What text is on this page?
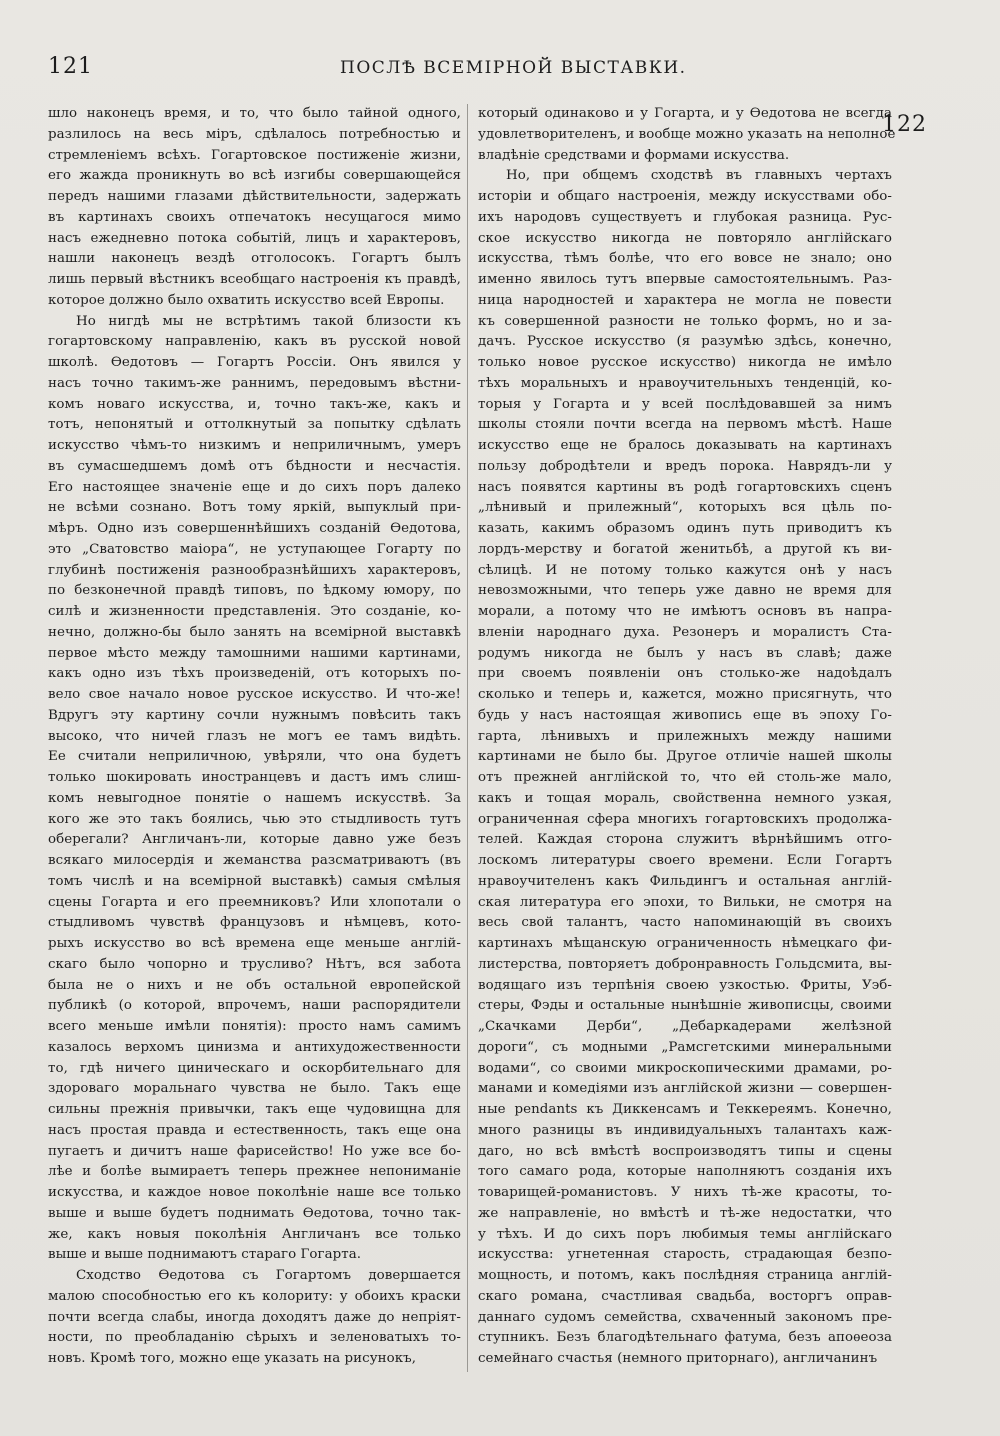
121	ПОСЛѢ ВСЕМІРНОЙ ВЫСТАВКИ.
122

шло наконецъ время, и то, что было тайной одного,
разлилось на весь міръ, сдѣлалось потребностью и
стремленіемъ всѣхъ. Гогартовское постиженіе жизни,
его жажда проникнуть во всѣ изгибы совершающейся
передъ нашими глазами дѣйствительности, задержать
въ картинахъ своихъ отпечатокъ несущагося мимо
насъ ежедневно потока событій, лицъ и характеровъ,
нашли наконецъ вездѣ отголосокъ. Гогартъ былъ
лишь первый вѣстникъ всеобщаго настроенія къ правдѣ,
которое должно было охватить искусство всей Европы.

Но нигдѣ мы не встрѣтимъ такой близости къ
гогартовскому направленію, какъ въ русской новой
школѣ. Ѳедотовъ — Гогартъ Россіи. Онъ явился у
насъ точно такимъ-же раннимъ, передовымъ вѣстни-
комъ новаго искусства, и, точно такъ-же, какъ и
тотъ, непонятый и оттолкнутый за попытку сдѣлать
искусство чѣмъ-то низкимъ и неприличнымъ, умеръ
въ сумасшедшемъ домѣ отъ бѣдности и несчастія.
Его настоящее значеніе еще и до сихъ поръ далеко
не всѣми сознано. Вотъ тому яркій, выпуклый при-
мѣръ. Одно изъ совершеннѣйшихъ созданій Ѳедотова,
это „Сватовство маіора“, не уступающее Гогарту по
глубинѣ постиженія разнообразнѣйшихъ характеровъ,
по безконечной правдѣ типовъ, по ѣдкому юмору, по
силѣ и жизненности представленія. Это созданіе, ко-
нечно, должно-бы было занять на всемірной выставкѣ
первое мѣсто между тамошними нашими картинами,
какъ одно изъ тѣхъ произведеній, отъ которыхъ по-
вело свое начало новое русское искусство. И что-же!
Вдругъ эту картину сочли нужнымъ повѣсить такъ
высоко, что ничей глазъ не могъ ее тамъ видѣть.
Ее считали неприличною, увѣряли, что она будетъ
только шокировать иностранцевъ и дастъ имъ слиш-
комъ невыгодное понятіе о нашемъ искусствѣ. За
кого же это такъ боялись, чью это стыдливость тутъ
оберегали? Англичанъ-ли, которые давно уже безъ
всякаго милосердія и жеманства разсматриваютъ (въ
томъ числѣ и на всемірной выставкѣ) самыя смѣлыя
сцены Гогарта и его преемниковъ? Или хлопотали о
стыдливомъ чувствѣ французовъ и нѣмцевъ, кото-
рыхъ искусство во всѣ времена еще меньше англій-
скаго было чопорно и трусливо? Нѣтъ, вся забота
была не о нихъ и не объ остальной европейской
публикѣ (о которой, впрочемъ, наши распорядители
всего меньше имѣли понятія): просто намъ самимъ
казалось верхомъ цинизма и антихудожественности
то, гдѣ ничего циническаго и оскорбительнаго для
здороваго моральнаго чувства не было. Такъ еще
сильны прежнія привычки, такъ еще чудовищна для
насъ простая правда и естественность, такъ еще она
пугаетъ и дичитъ наше фарисейство! Но уже все бо-
лѣе и болѣе вымираетъ теперь прежнее непониманіе
искусства, и каждое новое поколѣніе наше все только
выше и выше будетъ поднимать Ѳедотова, точно так-
же, какъ новыя поколѣнія Англичанъ все только
выше и выше поднимаютъ стараго Гогарта.

Сходство Ѳедотова съ Гогартомъ довершается
малою способностью его къ колориту: у обоихъ краски
почти всегда слабы, иногда доходятъ даже до непріят-
ности, по преобладанію сѣрыхъ и зеленоватыхъ то-
новъ. Кромѣ того, можно еще указать на рисунокъ,

который одинаково и у Гогарта, и у Ѳедотова не всегда
удовлетворителенъ, и вообще можно указать на неполное
владѣніе средствами и формами искусства.

Но, при общемъ сходствѣ въ главныхъ чертахъ
исторіи и общаго настроенія, между искусствами обо-
ихъ народовъ существуетъ и глубокая разница. Рус-
ское искусство никогда не повторяло англійскаго
искусства, тѣмъ болѣе, что его вовсе не знало; оно
именно явилось тутъ впервые самостоятельнымъ. Раз-
ница народностей и характера не могла не повести
къ совершенной разности не только формъ, но и за-
дачъ. Русское искусство (я разумѣю здѣсь, конечно,
только новое русское искусство) никогда не имѣло
тѣхъ моральныхъ и нравоучительныхъ тенденцій, ко-
торыя у Гогарта и у всей послѣдовавшей за нимъ
школы стояли почти всегда на первомъ мѣстѣ. Наше
искусство еще не бралось доказывать на картинахъ
пользу добродѣтели и вредъ порока. Наврядъ-ли у
насъ появятся картины въ родѣ гогартовскихъ сценъ
„лѣнивый и прилежный“, которыхъ вся цѣль по-
казать, какимъ образомъ одинъ путь приводитъ къ
лордъ-мерству и богатой женитьбѣ, а другой къ ви-
сѣлицѣ. И не потому только кажутся онѣ у насъ
невозможными, что теперь уже давно не время для
морали, а потому что не имѣютъ основъ въ напра-
вленіи народнаго духа. Резонеръ и моралистъ Ста-
родумъ никогда не былъ у насъ въ славѣ; даже
при своемъ появленіи онъ столько-же надоѣдалъ
сколько и теперь и, кажется, можно присягнуть, что
будь у насъ настоящая живопись еще въ эпоху Го-
гарта, лѣнивыхъ и прилежныхъ между нашими
картинами не было бы. Другое отличіе нашей школы
отъ прежней англійской то, что ей столь-же мало,
какъ и тощая мораль, свойственна немного узкая,
ограниченная сфера многихъ гогартовскихъ продолжа-
телей. Каждая сторона служитъ вѣрнѣйшимъ отго-
лоскомъ литературы своего времени. Если Гогартъ
нравоучителенъ какъ Фильдингъ и остальная англій-
ская литература его эпохи, то Вильки, не смотря на
весь свой талантъ, часто напоминающій въ своихъ
картинахъ мѣщанскую ограниченность нѣмецкаго фи-
листерства, повторяетъ добронравность Гольдсмита, вы-
водящаго изъ терпѣнія своею узкостью. Фриты, Уэб-
стеры, Фэды и остальные нынѣшніе живописцы, своими
„Скачками Дерби“, „Дебаркадерами желѣзной
дороги“, съ модными „Рамсгетскими минеральными
водами“, со своими микроскопическими драмами, ро-
манами и комедіями изъ англійской жизни — совершен-
ные pendants къ Диккенсамъ и Теккереямъ. Конечно,
много разницы въ индивидуальныхъ талантахъ каж-
даго, но всѣ вмѣстѣ воспроизводятъ типы и сцены
того самаго рода, которые наполняютъ созданія ихъ
товарищей-романистовъ. У нихъ тѣ-же красоты, то-
же направленіе, но вмѣстѣ и тѣ-же недостатки, что
у тѣхъ. И до сихъ поръ любимыя темы англійскаго
искусства: угнетенная старость, страдающая безпо-
мощность, и потомъ, какъ послѣдняя страница англій-
скаго романа, счастливая свадьба, восторгъ оправ-
даннаго судомъ семейства, схваченный закономъ пре-
ступникъ. Безъ благодѣтельнаго фатума, безъ апоѳеоза
семейнаго счастья (немного приторнаго), англичанинъ
